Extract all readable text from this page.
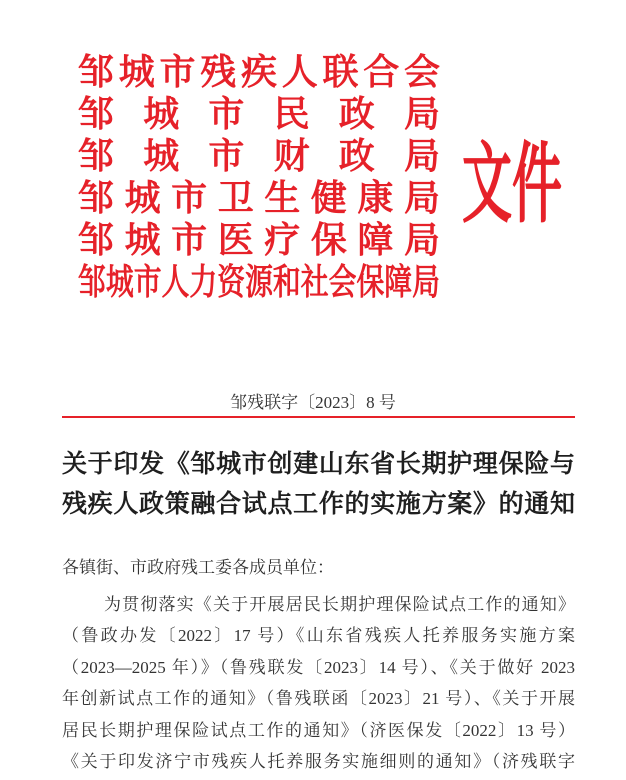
邹城市残疾人联合会
邹城市民政局
邹城市财政局
邹城市卫生健康局
邹城市医疗保障局
邹城市人力资源和社会保障局
文件
邹残联字〔2023〕8 号
关于印发《邹城市创建山东省长期护理保险与
残疾人政策融合试点工作的实施方案》的通知
各镇街、市政府残工委各成员单位：
为贯彻落实《关于开展居民长期护理保险试点工作的通知》
（鲁政办发〔2022〕17 号）《山东省残疾人托养服务实施方案
（2023—2025 年）》（鲁残联发〔2023〕14 号）、《关于做好 2023
年创新试点工作的通知》（鲁残联函〔2023〕21 号）、《关于开展
居民长期护理保险试点工作的通知》（济医保发〔2022〕13 号）
《关于印发济宁市残疾人托养服务实施细则的通知》（济残联字
